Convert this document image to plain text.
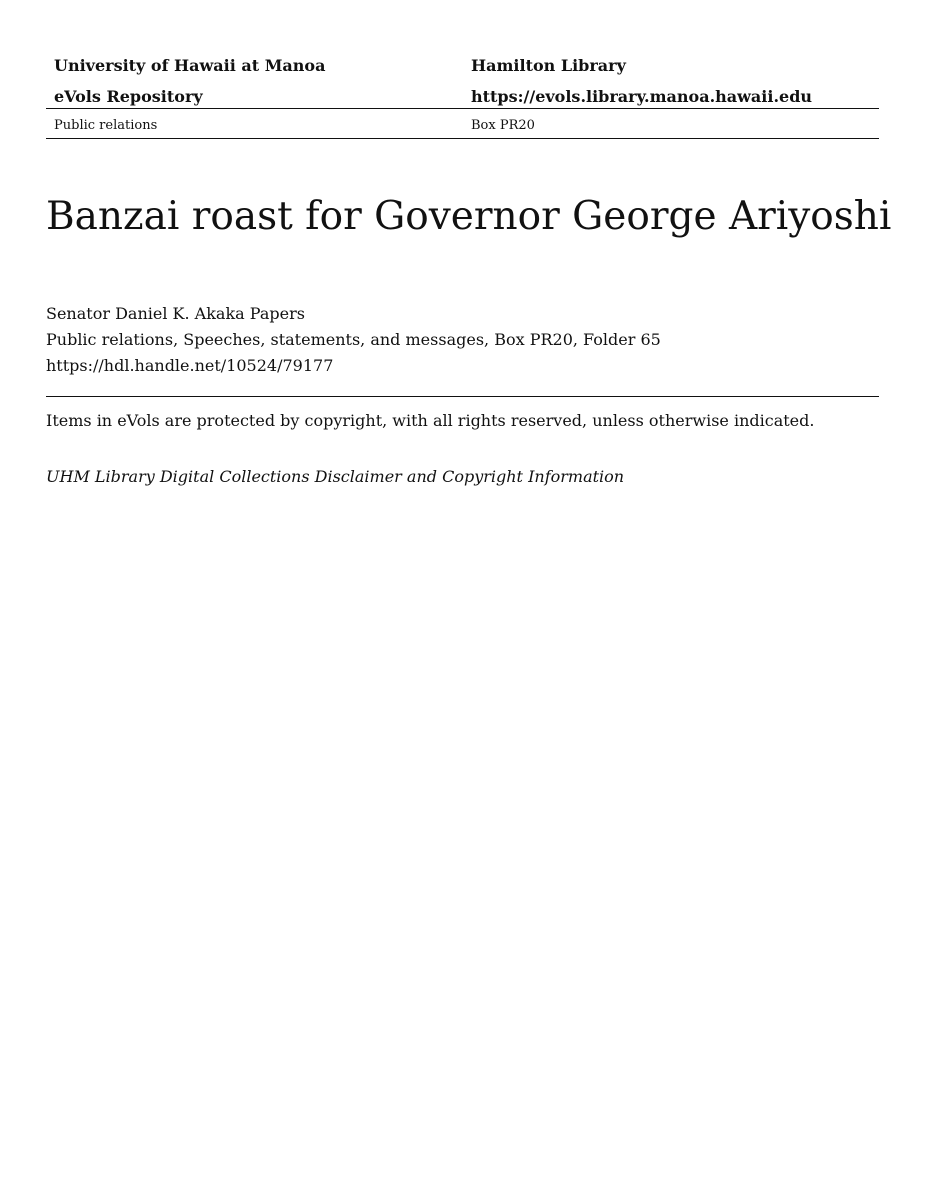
University of Hawaii at Manoa	Hamilton Library
eVols Repository	https://evols.library.manoa.hawaii.edu
Public relations	Box PR20
Banzai roast for Governor George Ariyoshi
Senator Daniel K. Akaka Papers
Public relations, Speeches, statements, and messages, Box PR20, Folder 65
https://hdl.handle.net/10524/79177
Items in eVols are protected by copyright, with all rights reserved, unless otherwise indicated.
UHM Library Digital Collections Disclaimer and Copyright Information
